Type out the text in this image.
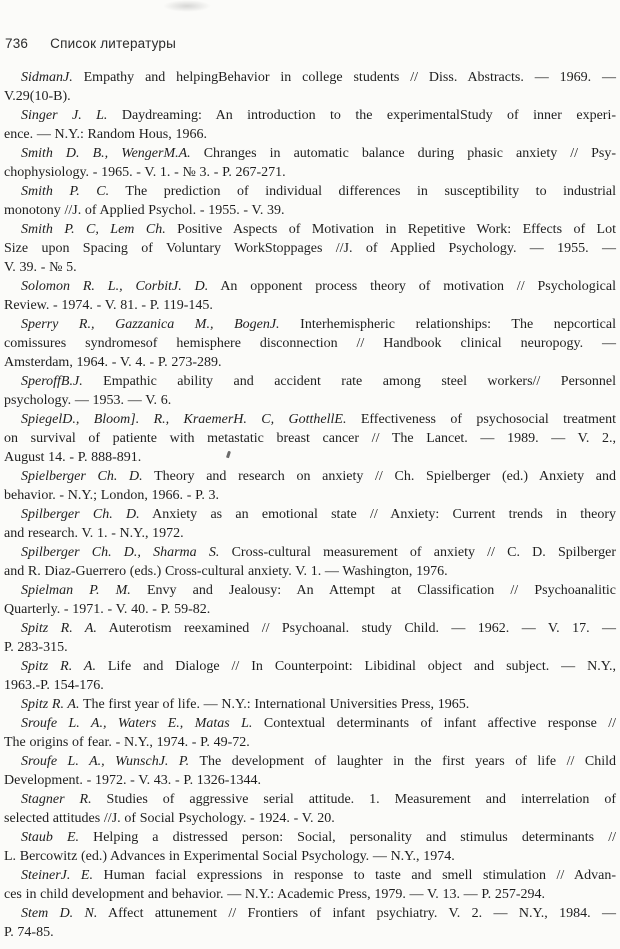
736 Список литературы
SidmanJ. Empathy and helpingBehavior in college students // Diss. Abstracts. — 1969. —
V.29(10-B).
Singer J. L. Daydreaming: An introduction to the experimentalStudy of inner experi-
ence. — N.Y.: Random Hous, 1966.
Smith D. B., WengerM.A. Chranges in automatic balance during phasic anxiety // Psy-
chophysiology. - 1965. - V. 1. - № 3. - P. 267-271.
Smith P. C. The prediction of individual differences in susceptibility to industrial
monotony //J. of Applied Psychol. - 1955. - V. 39.
Smith P. C, Lem Ch. Positive Aspects of Motivation in Repetitive Work: Effects of Lot
Size upon Spacing of Voluntary WorkStoppages //J. of Applied Psychology. — 1955. —
V. 39. - № 5.
Solomon R. L., CorbitJ. D. An opponent process theory of motivation // Psychological
Review. - 1974. - V. 81. - P. 119-145.
Sperry R., Gazzanica M., BogenJ. Interhemispheric relationships: The nepcortical
comissures syndromesof hemisphere disconnection // Handbook clinical neuropogy. —
Amsterdam, 1964. - V. 4. - P. 273-289.
SperoffB.J. Empathic ability and accident rate among steel workers// Personnel
psychology. — 1953. — V. 6.
SpiegelD., Bloom]. R., KraemerH. C, GotthellE. Effectiveness of psychosocial treatment
on survival of patiente with metastatic breast cancer // The Lancet. — 1989. — V. 2.,
August 14. - P. 888-891.
Spielberger Ch. D. Theory and research on anxiety // Ch. Spielberger (ed.) Anxiety and
behavior. - N.Y.; London, 1966. - P. 3.
Spilberger Ch. D. Anxiety as an emotional state // Anxiety: Current trends in theory
and research. V. 1. - N.Y., 1972.
Spilberger Ch. D., Sharma S. Cross-cultural measurement of anxiety // C. D. Spilberger
and R. Diaz-Guerrero (eds.) Cross-cultural anxiety. V. 1. — Washington, 1976.
Spielman P. M. Envy and Jealousy: An Attempt at Classification // Psychoanalitic
Quarterly. - 1971. - V. 40. - P. 59-82.
Spitz R. A. Auterotism reexamined // Psychoanal. study Child. — 1962. — V. 17. —
P. 283-315.
Spitz R. A. Life and Dialoge // In Counterpoint: Libidinal object and subject. — N.Y.,
1963.-P. 154-176.
Spitz R. A. The first year of life. — N.Y.: International Universities Press, 1965.
Sroufe L. A., Waters E., Matas L. Contextual determinants of infant affective response //
The origins of fear. - N.Y., 1974. - P. 49-72.
Sroufe L. A., WunschJ. P. The development of laughter in the first years of life // Child
Development. - 1972. - V. 43. - P. 1326-1344.
Stagner R. Studies of aggressive serial attitude. 1. Measurement and interrelation of
selected attitudes //J. of Social Psychology. - 1924. - V. 20.
Staub E. Helping a distressed person: Social, personality and stimulus determinants //
L. Bercowitz (ed.) Advances in Experimental Social Psychology. — N.Y., 1974.
SteinerJ. E. Human facial expressions in response to taste and smell stimulation // Advan-
ces in child development and behavior. — N.Y.: Academic Press, 1979. — V. 13. — P. 257-294.
Stem D. N. Affect attunement // Frontiers of infant psychiatry. V. 2. — N.Y., 1984. —
P. 74-85.
